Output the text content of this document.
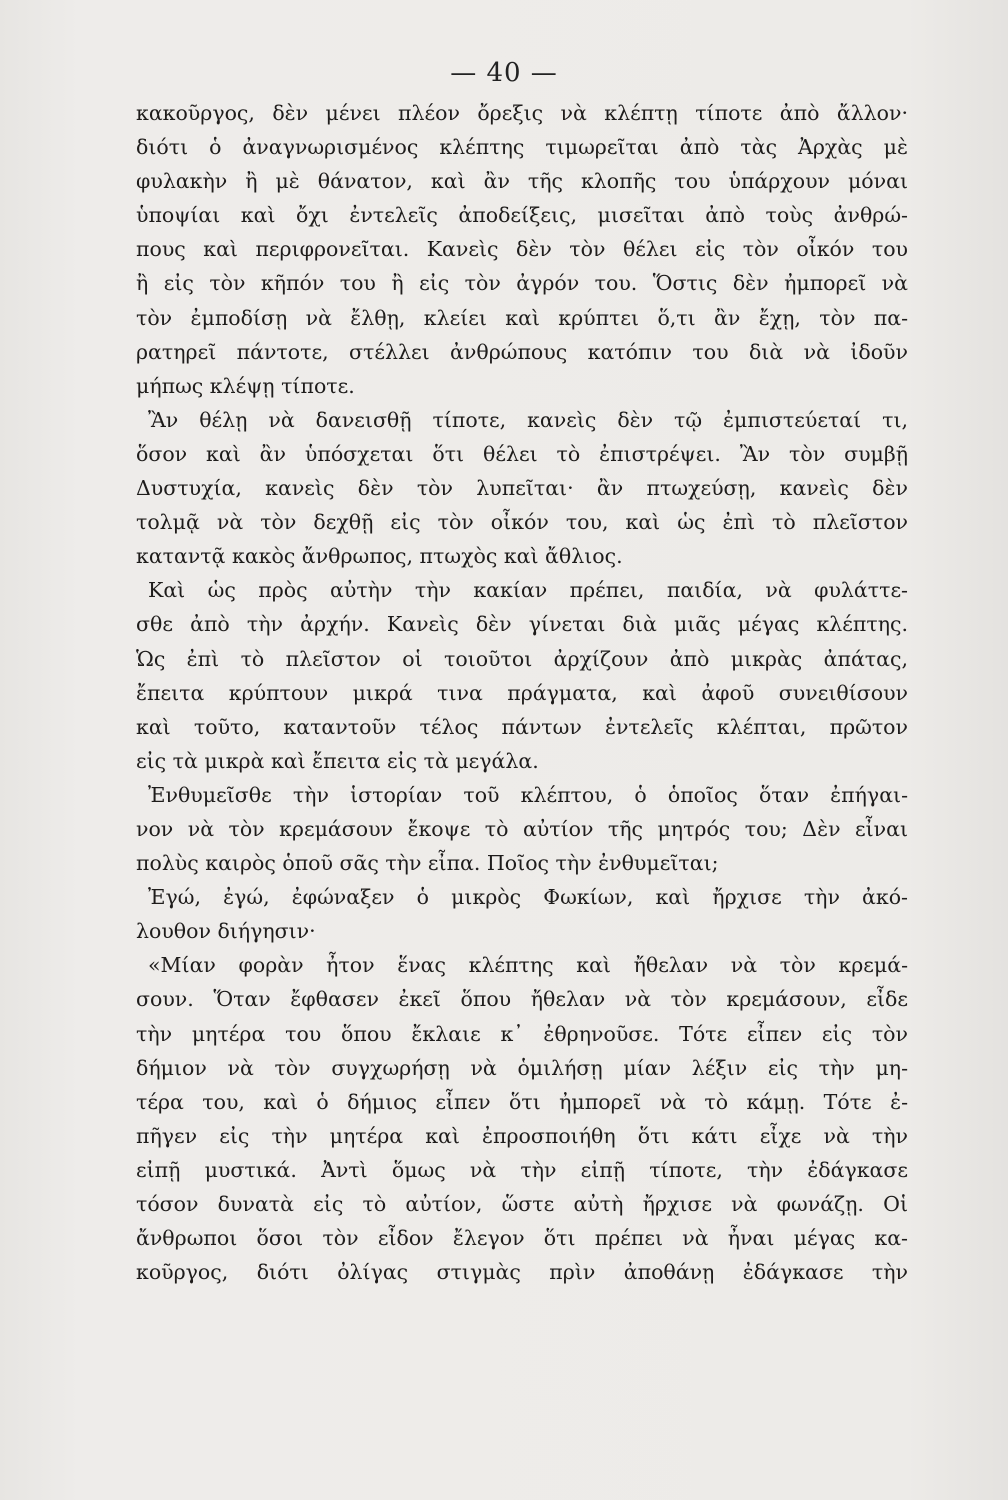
— 40 —
κακοῦργος, δὲν μένει πλέον ὄρεξις νὰ κλέπτῃ τίποτε ἀπὸ ἄλλον·
διότι ὁ ἀναγνωρισμένος κλέπτης τιμωρεῖται ἀπὸ τὰς Ἀρχὰς μὲ
φυλακὴν ἢ μὲ θάνατον, καὶ ἂν τῆς κλοπῆς του ὑπάρχουν μόναι
ὑποψίαι καὶ ὄχι ἐντελεῖς ἀποδείξεις, μισεῖται ἀπὸ τοὺς ἀνθρώ-
πους καὶ περιφρονεῖται. Κανεὶς δὲν τὸν θέλει εἰς τὸν οἶκόν του
ἢ εἰς τὸν κῆπόν του ἢ εἰς τὸν ἀγρόν του. Ὅστις δὲν ἠμπορεῖ νὰ
τὸν ἐμποδίσῃ νὰ ἔλθῃ, κλείει καὶ κρύπτει ὅ,τι ἂν ἔχῃ, τὸν πα-
ρατηρεῖ πάντοτε, στέλλει ἀνθρώπους κατόπιν του διὰ νὰ ἰδοῦν
μήπως κλέψῃ τίποτε.
Ἂν θέλῃ νὰ δανεισθῇ τίποτε, κανεὶς δὲν τῷ ἐμπιστεύεταί τι,
ὅσον καὶ ἂν ὑπόσχεται ὅτι θέλει τὸ ἐπιστρέψει. Ἂν τὸν συμβῇ
Δυστυχία, κανεὶς δὲν τὸν λυπεῖται· ἂν πτωχεύσῃ, κανεὶς δὲν
τολμᾷ νὰ τὸν δεχθῇ εἰς τὸν οἶκόν του, καὶ ὡς ἐπὶ τὸ πλεῖστον
καταντᾷ κακὸς ἄνθρωπος, πτωχὸς καὶ ἄθλιος.
Καὶ ὡς πρὸς αὐτὴν τὴν κακίαν πρέπει, παιδία, νὰ φυλάττε-
σθε ἀπὸ τὴν ἀρχήν. Κανεὶς δὲν γίνεται διὰ μιᾶς μέγας κλέπτης.
Ὡς ἐπὶ τὸ πλεῖστον οἱ τοιοῦτοι ἀρχίζουν ἀπὸ μικρὰς ἀπάτας,
ἔπειτα κρύπτουν μικρά τινα πράγματα, καὶ ἀφοῦ συνειθίσουν
καὶ τοῦτο, καταντοῦν τέλος πάντων ἐντελεῖς κλέπται, πρῶτον
εἰς τὰ μικρὰ καὶ ἔπειτα εἰς τὰ μεγάλα.
Ἐνθυμεῖσθε τὴν ἱστορίαν τοῦ κλέπτου, ὁ ὁποῖος ὅταν ἐπήγαι-
νον νὰ τὸν κρεμάσουν ἔκοψε τὸ αὐτίον τῆς μητρός του; Δὲν εἶναι
πολὺς καιρὸς ὁποῦ σᾶς τὴν εἶπα. Ποῖος τὴν ἐνθυμεῖται;
Ἐγώ, ἐγώ, ἐφώναξεν ὁ μικρὸς Φωκίων, καὶ ἤρχισε τὴν ἀκό-
λουθον διήγησιν·
«Μίαν φορὰν ἦτον ἕνας κλέπτης καὶ ἤθελαν νὰ τὸν κρεμά-
σουν. Ὅταν ἔφθασεν ἐκεῖ ὅπου ἤθελαν νὰ τὸν κρεμάσουν, εἶδε
τὴν μητέρα του ὅπου ἔκλαιε κ᾽ ἐθρηνοῦσε. Τότε εἶπεν εἰς τὸν
δήμιον νὰ τὸν συγχωρήσῃ νὰ ὁμιλήσῃ μίαν λέξιν εἰς τὴν μη-
τέρα του, καὶ ὁ δήμιος εἶπεν ὅτι ἠμπορεῖ νὰ τὸ κάμῃ. Τότε ἐ-
πῆγεν εἰς τὴν μητέρα καὶ ἐπροσποιήθη ὅτι κάτι εἶχε νὰ τὴν
εἰπῇ μυστικά. Ἀντὶ ὅμως νὰ τὴν εἰπῇ τίποτε, τὴν ἐδάγκασε
τόσον δυνατὰ εἰς τὸ αὐτίον, ὥστε αὐτὴ ἤρχισε νὰ φωνάζῃ. Οἱ
ἄνθρωποι ὅσοι τὸν εἶδον ἔλεγον ὅτι πρέπει νὰ ἦναι μέγας κα-
κοῦργος, διότι ὀλίγας στιγμὰς πρὶν ἀποθάνῃ ἐδάγκασε τὴν
